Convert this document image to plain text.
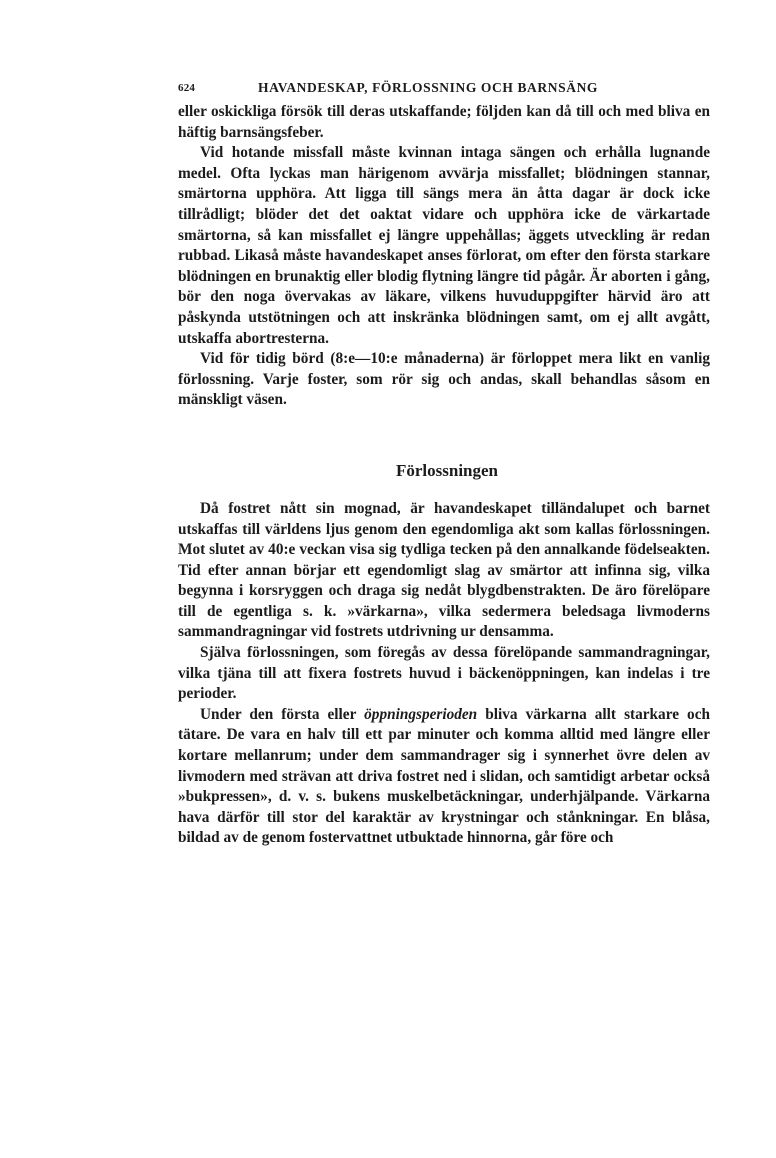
624	HAVANDESKAP, FÖRLOSSNING OCH BARNSÄNG

eller oskickliga försök till deras utskaffande; följden kan då till och med bliva en häftig barnsängsfeber.

Vid hotande missfall måste kvinnan intaga sängen och erhålla lugnande medel. Ofta lyckas man härigenom avvärja missfallet; blödningen stannar, smärtorna upphöra. Att ligga till sängs mera än åtta dagar är dock icke tillrådligt; blöder det det oaktat vidare och upphöra icke de värkartade smärtorna, så kan missfallet ej längre uppehållas; äggets utveckling är redan rubbad. Likaså måste havandeskapet anses förlorat, om efter den första starkare blödningen en brunaktig eller blodig flytning längre tid pågår. Är aborten i gång, bör den noga övervakas av läkare, vilkens huvuduppgifter härvid äro att påskynda utstötningen och att inskränka blödningen samt, om ej allt avgått, utskaffa abortresterna.

Vid för tidig börd (8:e—10:e månaderna) är förloppet mera likt en vanlig förlossning. Varje foster, som rör sig och andas, skall behandlas såsom en mänskligt väsen.

Förlossningen

Då fostret nått sin mognad, är havandeskapet tilländalupet och barnet utskaffas till världens ljus genom den egendomliga akt som kallas förlossningen. Mot slutet av 40:e veckan visa sig tydliga tecken på den annalkande födelseakten. Tid efter annan börjar ett egendomligt slag av smärtor att infinna sig, vilka begynna i korsryggen och draga sig nedåt blygdbenstrakten. De äro förelöpare till de egentliga s. k. »värkarna», vilka sedermera beledsaga livmoderns sammandragningar vid fostrets utdrivning ur densamma.

Själva förlossningen, som föregås av dessa förelöpande sammandragningar, vilka tjäna till att fixera fostrets huvud i bäckenöppningen, kan indelas i tre perioder.

Under den första eller öppningsperioden bliva värkarna allt starkare och tätare. De vara en halv till ett par minuter och komma alltid med längre eller kortare mellanrum; under dem sammandrager sig i synnerhet övre delen av livmodern med strävan att driva fostret ned i slidan, och samtidigt arbetar också »bukpressen», d. v. s. bukens muskelbetäckningar, underhjälpande. Värkarna hava därför till stor del karaktär av krystningar och stånkningar. En blåsa, bildad av de genom fostervattnet utbuktade hinnorna, går före och
